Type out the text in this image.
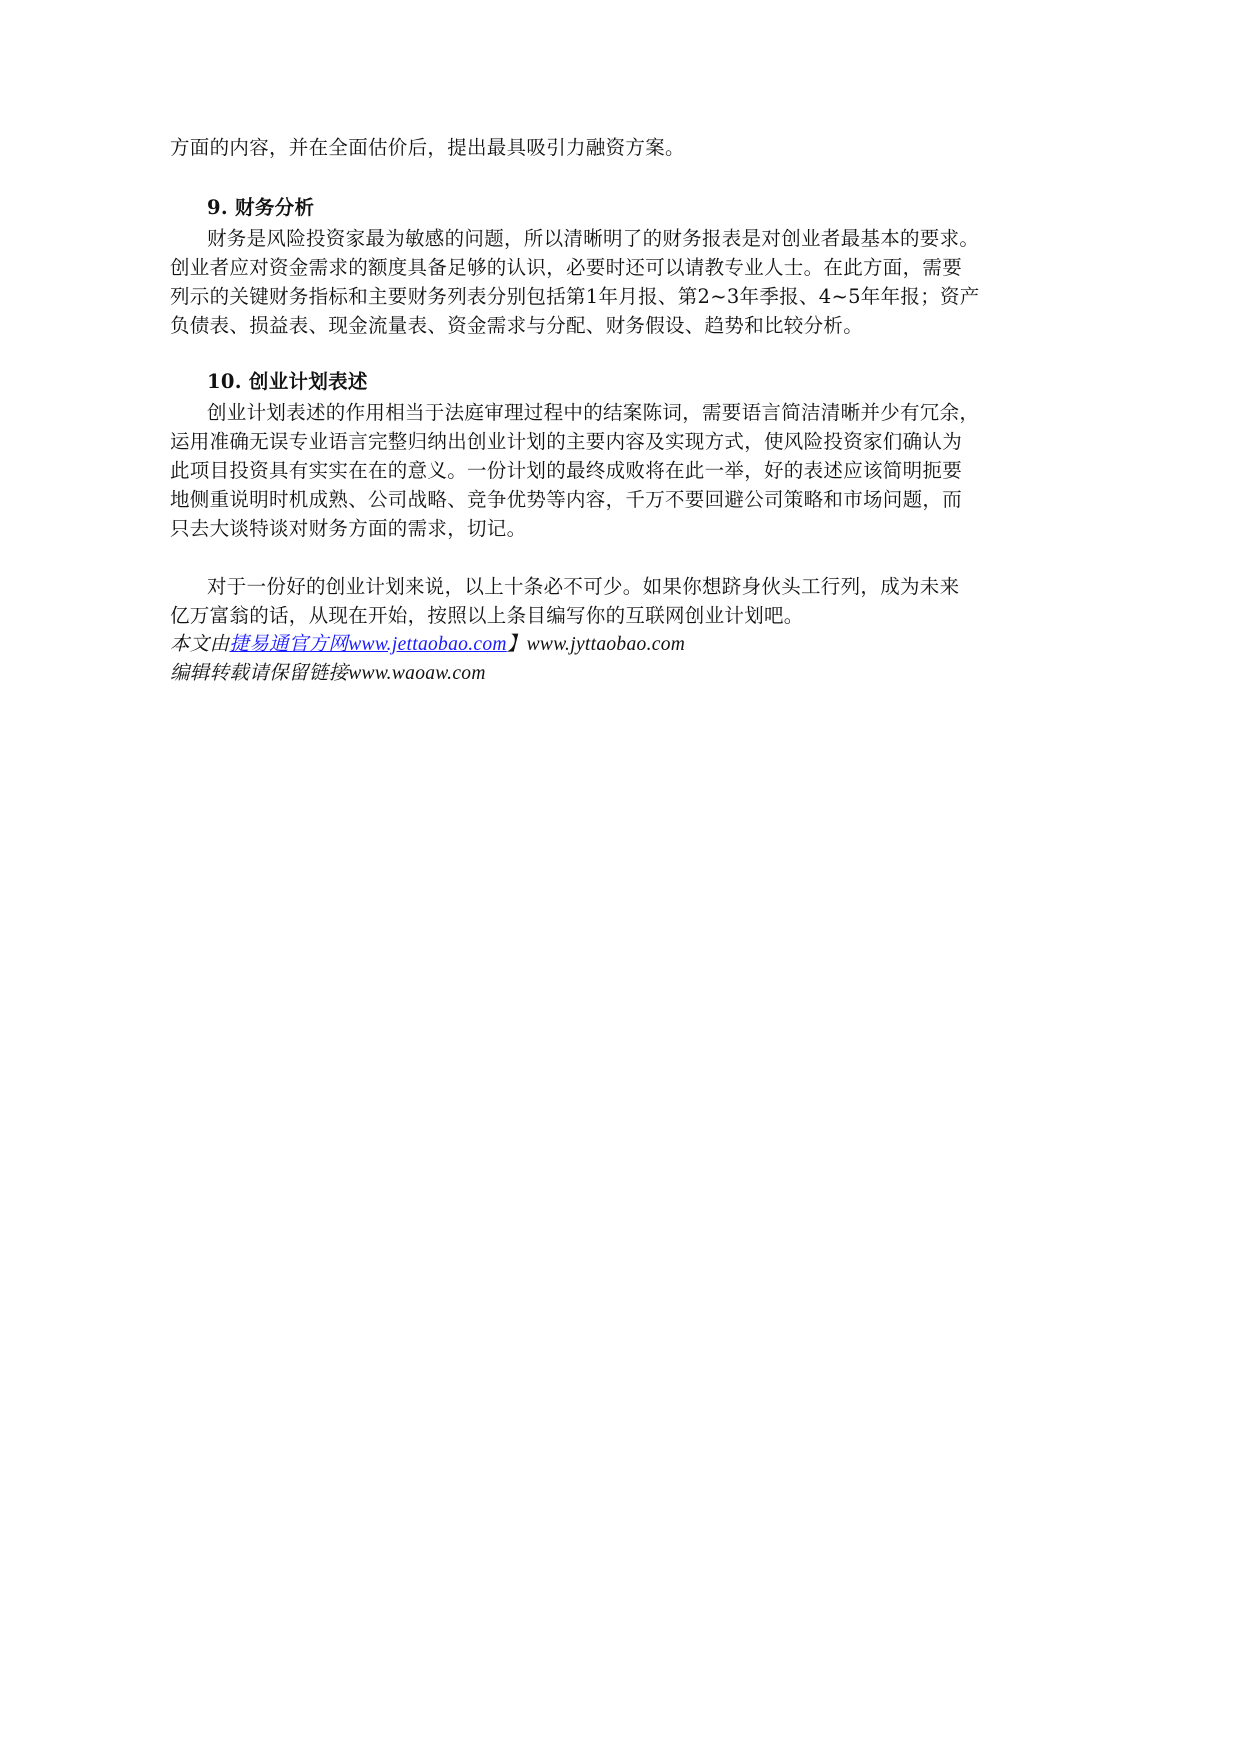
方面的内容，并在全面估价后，提出最具吸引力融资方案。
9. 财务分析
财务是风险投资家最为敏感的问题，所以清晰明了的财务报表是对创业者最基本的要求。
创业者应对资金需求的额度具备足够的认识，必要时还可以请教专业人士。在此方面，需要
列示的关键财务指标和主要财务列表分别包括第1年月报、第2~3年季报、4~5年年报；资产
负债表、损益表、现金流量表、资金需求与分配、财务假设、趋势和比较分析。
10. 创业计划表述
创业计划表述的作用相当于法庭审理过程中的结案陈词，需要语言简洁清晰并少有冗余，
运用准确无误专业语言完整归纳出创业计划的主要内容及实现方式，使风险投资家们确认为
此项目投资具有实实在在的意义。一份计划的最终成败将在此一举，好的表述应该简明扼要
地侧重说明时机成熟、公司战略、竞争优势等内容，千万不要回避公司策略和市场问题，而
只去大谈特谈对财务方面的需求，切记。
对于一份好的创业计划来说，以上十条必不可少。如果你想跻身伙头工行列，成为未来
亿万富翁的话，从现在开始，按照以上条目编写你的互联网创业计划吧。
本文由捷易通官方网www.jettaobao.com】www.jyttaobao.com
编辑转载请保留链接www.waoaw.com
